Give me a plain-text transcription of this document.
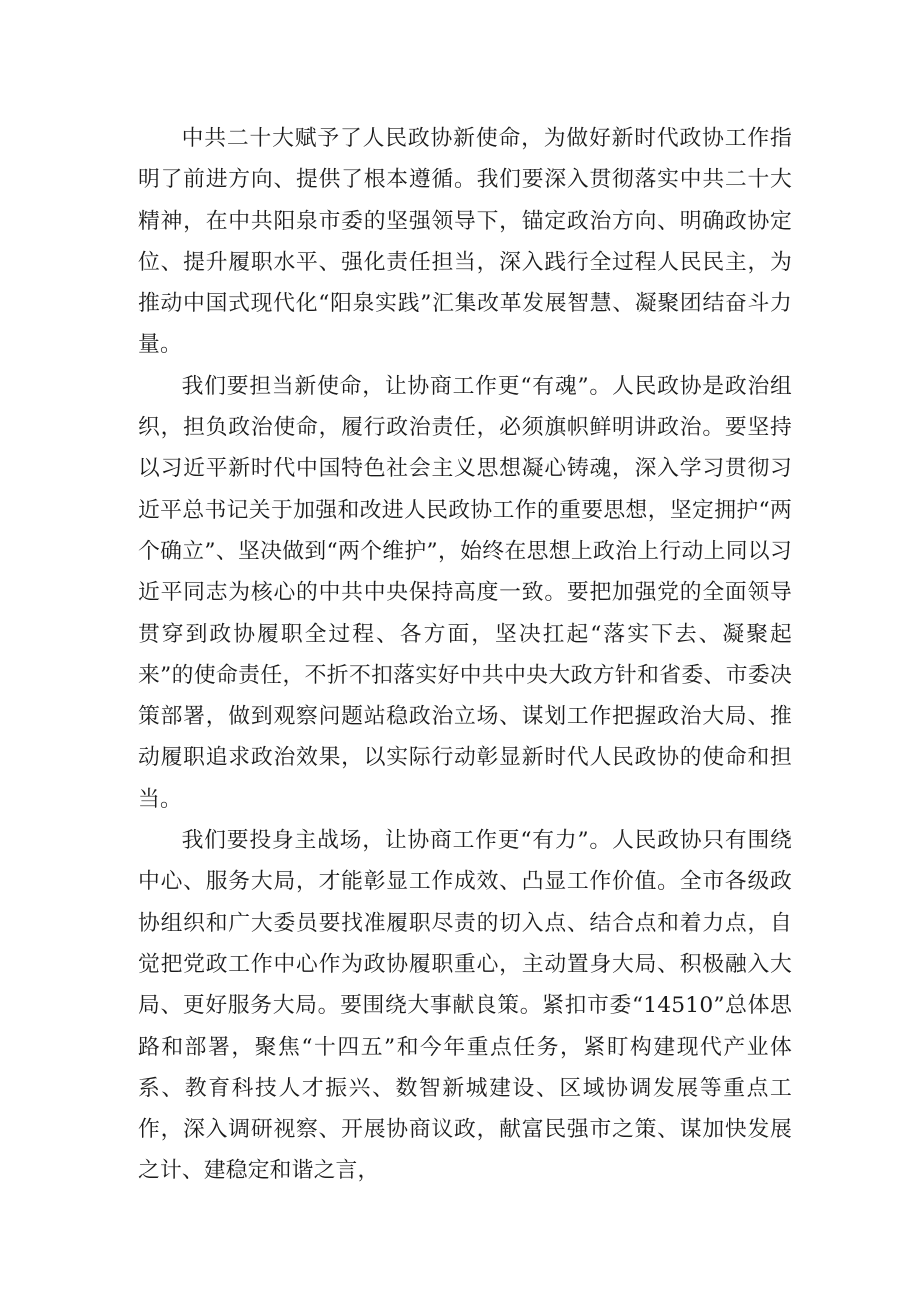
中共二十大赋予了人民政协新使命，为做好新时代政协工作指明了前进方向、提供了根本遵循。我们要深入贯彻落实中共二十大精神，在中共阳泉市委的坚强领导下，锚定政治方向、明确政协定位、提升履职水平、强化责任担当，深入践行全过程人民民主，为推动中国式现代化“阳泉实践”汇集改革发展智慧、凝聚团结奋斗力量。

我们要担当新使命，让协商工作更“有魂”。人民政协是政治组织，担负政治使命，履行政治责任，必须旗帜鲜明讲政治。要坚持以习近平新时代中国特色社会主义思想凝心铸魂，深入学习贯彻习近平总书记关于加强和改进人民政协工作的重要思想，坚定拥护“两个确立”、坚决做到“两个维护”，始终在思想上政治上行动上同以习近平同志为核心的中共中央保持高度一致。要把加强党的全面领导贯穿到政协履职全过程、各方面，坚决扛起“落实下去、凝聚起来”的使命责任，不折不扣落实好中共中央大政方针和省委、市委决策部署，做到观察问题站稳政治立场、谋划工作把握政治大局、推动履职追求政治效果，以实际行动彰显新时代人民政协的使命和担当。

我们要投身主战场，让协商工作更“有力”。人民政协只有围绕中心、服务大局，才能彰显工作成效、凸显工作价值。全市各级政协组织和广大委员要找准履职尽责的切入点、结合点和着力点，自觉把党政工作中心作为政协履职重心，主动置身大局、积极融入大局、更好服务大局。要围绕大事献良策。紧扣市委“14510”总体思路和部署，聚焦“十四五”和今年重点任务，紧盯构建现代产业体系、教育科技人才振兴、数智新城建设、区域协调发展等重点工作，深入调研视察、开展协商议政，献富民强市之策、谋加快发展之计、建稳定和谐之言，
